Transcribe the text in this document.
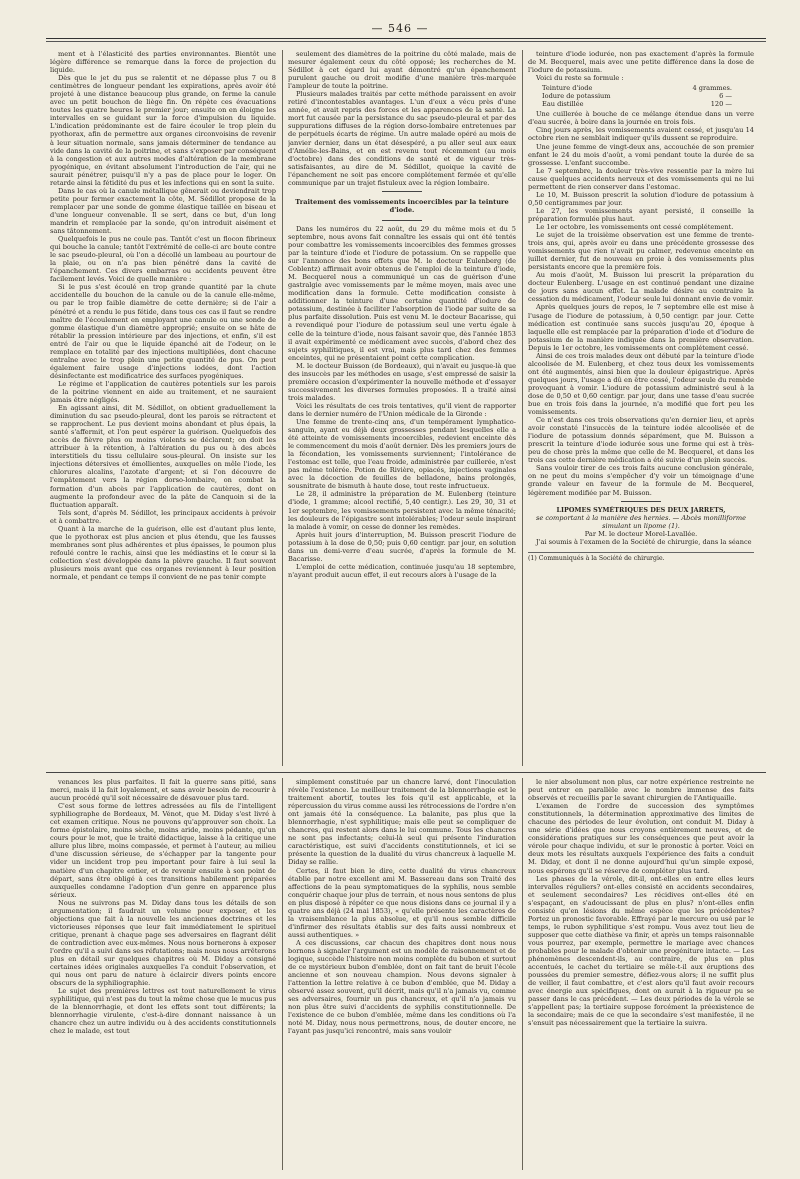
— 546 —

ment et à l'élasticité des parties environnantes. Bientôt une légère différence se remarque dans la force de projection du liquide.

Dès que le jet du pus se ralentit et ne dépasse plus 7 ou 8 centimètres de longueur pendant les expirations, après avoir été projeté à une distance beaucoup plus grande, on ferme la canule avec un petit bouchon de liège fin. On répète ces évacuations toutes les quatre heures le premier jour; ensuite on en éloigne les intervalles en se guidant sur la force d'impulsion du liquide. L'indication prédominante est de faire écouler le trop plein du pyothorax, afin de permettre aux organes circonvoisins de revenir à leur situation normale, sans jamais déterminer de tendance au vide dans la cavité de la poitrine, et sans s'exposer par conséquent à la congestion et aux autres modes d'altération de la membrane pyogénique, en évitant absolument l'introduction de l'air, qui ne saurait pénétrer, puisqu'il n'y a pas de place pour le loger. On retarde ainsi la fétidité du pus et les infections qui en sont la suite.

Dans le cas où la canule métallique gênerait ou deviendrait trop petite pour fermer exactement la côte, M. Sédillot propose de la remplacer par une sonde de gomme élastique taillée en biseau et d'une longueur convenable. Il se sert, dans ce but, d'un long mandrin et remplacée par la sonde, qu'on introduit aisément et sans tâtonnement.

Quelquefois le pus ne coule pas. Tantôt c'est un flocon fibrineux qui bouche la canule; tantôt l'extrémité de celle-ci arc boute contre le sac pseudo-pleural, où l'on a décollé un lambeau au pourtour de la plaie, ou on n'a pas bien pénétré dans la cavité de l'épanchement. Ces divers embarras ou accidents peuvent être facilement levés. Voici de quelle manière :

Si le pus s'est écoulé en trop grande quantité par la chute accidentelle du bouchon de la canule ou de la canule elle-même, ou par le trop faible diamètre de cette dernière; si de l'air a pénétré et a rendu le pus fétide, dans tous ces cas il faut se rendre maître de l'écoulement en employant une canule ou une sonde de gomme élastique d'un diamètre approprié; ensuite on se hâte de rétablir la pression intérieure par des injections, et enfin, s'il est entré de l'air ou que le liquide épanché ait de l'odeur, on le remplace en totalité par des injections multipliées, dont chacune entraîne avec le trop plein une petite quantité de pus. On peut également faire usage d'injections iodées, dont l'action désinfectante est modificatrice des surfaces pyogéniques.

Le régime et l'application de cautères potentiels sur les parois de la poitrine viennent en aide au traitement, et ne sauraient jamais être négligés.

En agissant ainsi, dit M. Sédillot, on obtient graduellement la diminution du sac pseudo-pleural, dont les parois se rétractent et se rapprochent. Le pus devient moins abondant et plus épais, la santé s'affermit, et l'on peut espérer la guérison. Quelquefois des accès de fièvre plus ou moins violents se déclarent; on doit les attribuer à la rétention, à l'altération du pus ou à des abcès interstitiels du tissu cellulaire sous-pleural. On insiste sur les injections détersives et émollientes, auxquelles on mêle l'iode, les chlorures alcalins, l'azotate d'argent; et si l'on découvre de l'empâtement vers la région dorso-lombaire, on combat la formation d'un abcès par l'application de cautères, dont on augmente la profondeur avec de la pâte de Canquoin si de la fluctuation apparaît.

Tels sont, d'après M. Sédillot, les principaux accidents à prévoir et à combattre.

Quant à la marche de la guérison, elle est d'autant plus lente, que le pyothorax est plus ancien et plus étendu, que les fausses membranes sont plus adhérentes et plus épaisses, le poumon plus refoulé contre le rachis, ainsi que les médiastins et le cœur si la collection s'est développée dans la plèvre gauche. Il faut souvent plusieurs mois avant que ces organes reviennent à leur position normale, et pendant ce temps il convient de ne pas tenir compte

seulement des diamètres de la poitrine du côté malade, mais de mesurer également ceux du côté opposé; les recherches de M. Sédillot à cet égard lui ayant démontré qu'un épanchement purulent gauche ou droit modifie d'une manière très-marquée l'ampleur de toute la poitrine.

Plusieurs malades traités par cette méthode paraissent en avoir retiré d'incontestables avantages. L'un d'eux a vécu près d'une année, et avait repris des forces et les apparences de la santé. La mort fut causée par la persistance du sac pseudo-pleural et par des suppurations diffuses de la région dorso-lombaire entretenues par de perpétuels écarts de régime. Un autre malade opéré au mois de janvier dernier, dans un état désespéré, a pu aller seul aux eaux d'Amélie-les-Bains, et en est revenu tout récemment (au mois d'octobre) dans des conditions de santé et de vigueur très-satisfaisantes, au dire de M. Sédillot, quoique la cavité de l'épanchement ne soit pas encore complétement fermée et qu'elle communique par un trajet fistuleux avec la région lombaire.

Traitement des vomissements incoercibles par la teinture d'iode.

Dans les numéros du 22 août, du 29 du même mois et du 5 septembre, nous avons fait connaître les essais qui ont été tentés pour combattre les vomissements incoercibles des femmes grosses par la teinture d'iode et l'iodure de potassium. On se rappelle que sur l'annonce des bons effets que M. le docteur Eulenberg (de Coblentz) affirmait avoir obtenus de l'emploi de la teinture d'iode, M. Becquerel nous a communiqué un cas de guérison d'une gastralgie avec vomissements par le même moyen, mais avec une modification dans la formule. Cette modification consiste à additionner la teinture d'une certaine quantité d'iodure de potassium, destinée à faciliter l'absorption de l'iode par suite de sa plus parfaite dissolution. Puis est venu M. le docteur Bacarisse, qui a revendiqué pour l'iodure de potassium seul une vertu égale à celle de la teinture d'iode, nous faisant savoir que, dès l'année 1853 il avait expérimenté ce médicament avec succès, d'abord chez des sujets syphilitiques, il est vrai, mais plus tard chez des femmes enceintes, qui ne présentaient point cette complication.

M. le docteur Buisson (de Bordeaux), qui n'avait eu jusque-là que des insuccès par les méthodes en usage, s'est empressé de saisir la première occasion d'expérimenter la nouvelle méthode et d'essayer successivement les diverses formules proposées. Il a traité ainsi trois malades.

Voici les résultats de ces trois tentatives, qu'il vient de rapporter dans le dernier numéro de l'Union médicale de la Gironde :

Une femme de trente-cinq ans, d'un tempérament lymphatico-sanguin, ayant eu déjà deux grossesses pendant lesquelles elle a été atteinte de vomissements incoercibles, redevient enceinte dès le commencement du mois d'août dernier. Dès les premiers jours de la fécondation, les vomissements surviennent; l'intolérance de l'estomac est telle, que l'eau froide, administrée par cuillerée, n'est pas même tolérée. Potion de Rivière, opiacés, injections vaginales avec la décoction de feuilles de belladone, bains prolongés, sousnitrate de bismuth à haute dose, tout reste infructueux.

Le 28, il administre la préparation de M. Eulenberg (teinture d'iode, 1 gramme; alcool rectifié, 5,40 centigr.). Les 29, 30, 31 et 1er septembre, les vomissements persistent avec la même ténacité; les douleurs de l'épigastre sont intolérables; l'odeur seule inspirant la malade à vomir, on cesse de donner les remèdes.

Après huit jours d'interruption, M. Buisson prescrit l'iodure de potassium à la dose de 0,50; puis 0,60 centigr. par jour, en solution dans un demi-verre d'eau sucrée, d'après la formule de M. Bacarisse.

L'emploi de cette médication, continuée jusqu'au 18 septembre, n'ayant produit aucun effet, il eut recours alors à l'usage de la

teinture d'iode iodurée, non pas exactement d'après la formule de M. Becquerel, mais avec une petite différence dans la dose de l'iodure de potassium.

Voici du reste sa formule :

Teinture d'iode	4 grammes.
Iodure de potassium	6 —
Eau distillée	120 —

Une cuillerée à bouche de ce mélange étendue dans un verre d'eau sucrée, à boire dans la journée en trois fois.

Cinq jours après, les vomissements avaient cessé, et jusqu'au 14 octobre rien ne semblait indiquer qu'ils dussent se reproduire.

Une jeune femme de vingt-deux ans, accouchée de son premier enfant le 24 du mois d'août, a vomi pendant toute la durée de sa grossesse. L'enfant succombe.

Le 7 septembre, la douleur très-vive ressentie par la mère lui cause quelques accidents nerveux et des vomissements qui ne lui permettent de rien conserver dans l'estomac.

Le 10, M. Buisson prescrit la solution d'iodure de potassium à 0,50 centigrammes par jour.

Le 27, les vomissements ayant persisté, il conseille la préparation formulée plus haut.

Le 1er octobre, les vomissements ont cessé complétement.

Le sujet de la troisième observation est une femme de trente-trois ans, qui, après avoir eu dans une précédente grossesse des vomissements que rien n'avait pu calmer, redevenue enceinte en juillet dernier, fut de nouveau en proie à des vomissements plus persistants encore que la première fois.

Au mois d'août, M. Buisson lui prescrit la préparation du docteur Eulenberg. L'usage en est continué pendant une dizaine de jours sans aucun effet. La malade désire au contraire la cessation du médicament, l'odeur seule lui donnant envie de vomir.

Après quelques jours de repos, le 7 septembre elle est mise à l'usage de l'iodure de potassium, à 0,50 centigr. par jour. Cette médication est continuée sans succès jusqu'au 20, époque à laquelle elle est remplacée par la préparation d'iode et d'iodure de potassium de la manière indiquée dans la première observation. Depuis le 1er octobre, les vomissements ont complétement cessé.

Ainsi de ces trois malades deux ont débuté par la teinture d'iode alcoolisée de M. Eulenberg, et chez tous deux les vomissements ont été augmentés, ainsi bien que la douleur épigastrique. Après quelques jours, l'usage a dû en être cessé, l'odeur seule du remède provoquant à vomir. L'iodure de potassium administré seul à la dose de 0,50 et 0,60 centigr. par jour, dans une tasse d'eau sucrée bue en trois fois dans la journée, n'a modifié que fort peu les vomissements.

Ce n'est dans ces trois observations qu'en dernier lieu, et après avoir constaté l'insuccès de la teinture iodée alcoolisée et de l'iodure de potassium donnés séparément, que M. Buisson a prescrit la teinture d'iode iodurée sous une forme qui est à très-peu de chose près la même que celle de M. Becquerel, et dans les trois cas cette dernière médication a été suivie d'un plein succès.

Sans vouloir tirer de ces trois faits aucune conclusion générale, on ne peut du moins s'empêcher d'y voir un témoignage d'une grande valeur en faveur de la formule de M. Becquerel, légèrement modifiée par M. Buisson.

LIPOMES SYMÉTRIQUES DES DEUX JARRETS,

se comportant à la manière des hernies. — Abcès monilliforme simulant un lipome (1).

Par M. le docteur Morel-Lavallée.

J'ai soumis à l'examen de la Société de chirurgie, dans la séance

(1) Communiqués à la Société de chirurgie.

venances les plus parfaites. Il fait la guerre sans pitié, sans merci, mais il la fait loyalement, et sans avoir besoin de recourir à aucun procédé qu'il soit nécessaire de désavouer plus tard.

C'est sous forme de lettres adressées au fils de l'intelligent syphiliographe de Bordeaux, M. Vénot, que M. Diday s'est livré à cet examen critique. Nous ne pouvons qu'approuver son choix. La forme épistolaire, moins sèche, moins aride, moins pédante, qu'un cours pour le mot, que le traité didactique, laisse à la critique une allure plus libre, moins compassée, et permet à l'auteur, au milieu d'une discussion sérieuse, de s'échapper par la tangente pour vider un incident trop peu important pour faire à lui seul la matière d'un chapitre entier, et de revenir ensuite à son point de départ, sans être obligé à ces transitions habilement préparées auxquelles condamne l'adoption d'un genre en apparence plus sérieux.

Nous ne suivrons pas M. Diday dans tous les détails de son argumentation; il faudrait un volume pour exposer, et les objections que fait à la nouvelle les anciennes doctrines et les victorieuses réponses que leur fait immédiatement le spirituel critique, prenant à chaque page ses adversaires en flagrant délit de contradiction avec eux-mêmes. Nous nous bornerons à exposer l'ordre qu'il a suivi dans ses réfutations; mais nous nous arrêterons plus en détail sur quelques chapitres où M. Diday a consigné certaines idées originales auxquelles l'a conduit l'observation, et qui nous ont paru de nature à éclaircir divers points encore obscurs de la syphiliographie.

Le sujet des premières lettres est tout naturellement le virus syphilitique, qui n'est pas du tout la même chose que le mucus pus de la blennorrhagie, et dont les effets sont tout différents; la blennorrhagie virulente, c'est-à-dire donnant naissance à un chancre chez un autre individu ou à des accidents constitutionnels chez le malade, est tout

simplement constituée par un chancre larvé, dont l'inoculation révèle l'existence. Le meilleur traitement de la blennorrhagie est le traitement abortif, toutes les fois qu'il est applicable, et la répercussion du virus comme aussi les rétrocessions de l'ordre n'en ont jamais été la conséquence. La balanite, pas plus que la blennorrhagie, n'est syphilitique; mais elle peut se compliquer de chancres, qui restent alors dans le lui commune. Tous les chancres ne sont pas infectants; celui-là seul qui présente l'induration caractéristique, est suivi d'accidents constitutionnels, et ici se présente la question de la dualité du virus chancreux à laquelle M. Diday se rallie.

Certes, il faut bien le dire, cette dualité du virus chancreux établie par notre excellent ami M. Bassereau dans son Traité des affections de la peau symptomatiques de la syphilis, nous semble conquérir chaque jour plus de terrain, et nous nous sentons de plus en plus disposé à répéter ce que nous disions dans ce journal il y a quatre ans déjà (24 mai 1853), « qu'elle présente les caractères de la vraisemblance la plus absolue, et qu'il nous semble difficile d'infirmer des résultats établis sur des faits aussi nombreux et aussi authentiques. »

A ces discussions, car chacun des chapitres dont nous nous bornons à signaler l'argument est un modèle de raisonnement et de logique, succède l'histoire non moins complète du bubon et surtout de ce mystérieux bubon d'emblée, dont on fait tant de bruit l'école ancienne et son nouveau champion. Nous devons signaler à l'attention la lettre relative à ce bubon d'emblée, que M. Diday a observé assez souvent, qu'il décrit, mais qu'il n'a jamais vu, comme ses adversaires, fournir un pus chancreux, et qu'il n'a jamais vu non plus être suivi d'accidents de syphilis constitutionnelle. De l'existence de ce bubon d'emblée, même dans les conditions où l'a noté M. Diday, nous nous permettrons, nous, de douter encore, ne l'ayant pas jusqu'ici rencontré, mais sans vouloir

le nier absolument non plus, car notre expérience restreinte ne peut entrer en parallèle avec le nombre immense des faits observés et recueillis par le savant chirurgien de l'Antiquaille.

L'examen de l'ordre de succession des symptômes constitutionnels, la détermination approximative des limites de chacune des périodes de leur évolution, ont conduit M. Diday à une série d'idées que nous croyons entièrement neuves, et de considérations pratiques sur les conséquences que peut avoir la vérole pour chaque individu, et sur le pronostic à porter. Voici en deux mots les résultats auxquels l'expérience des faits a conduit M. Diday, et dont il ne donne aujourd'hui qu'un simple exposé, nous espérons qu'il se réserve de compléter plus tard.

Les phases de la vérole, dit-il, ont-elles en entre elles leurs intervalles réguliers? ont-elles consisté en accidents secondaires, et seulement secondaires? Les récidives ont-elles été en s'espaçant, en s'adoucissant de plus en plus? n'ont-elles enfin consisté qu'en lésions du même espèce que les précédentes? Portez un pronostic favorable. Effrayé par le mercure ou usé par le temps, le rubon syphilitique s'est rompu. Vous avez tout lieu de supposer que cette diathèse va finir, et après un temps raisonnable vous pourrez, par exemple, permettre le mariage avec chances probables pour le malade d'obtenir une progéniture intacte. — Les phénomènes descendent-ils, au contraire, de plus en plus accentués, le cachet du tertiaire se mêle-t-il aux éruptions des poussées du premier semestre, défiez-vous alors; il ne suffit plus de veiller, il faut combattre, et c'est alors qu'il faut avoir recours avec énergie aux spécifiques, dont on aurait à la rigueur pu se passer dans le cas précédent. — Les deux périodes de la vérole se s'appellent pas; la tertiaire suppose forcément la préexistence de la secondaire; mais de ce que la secondaire s'est manifestée, il ne s'ensuit pas nécessairement que la tertiaire la suivra.
